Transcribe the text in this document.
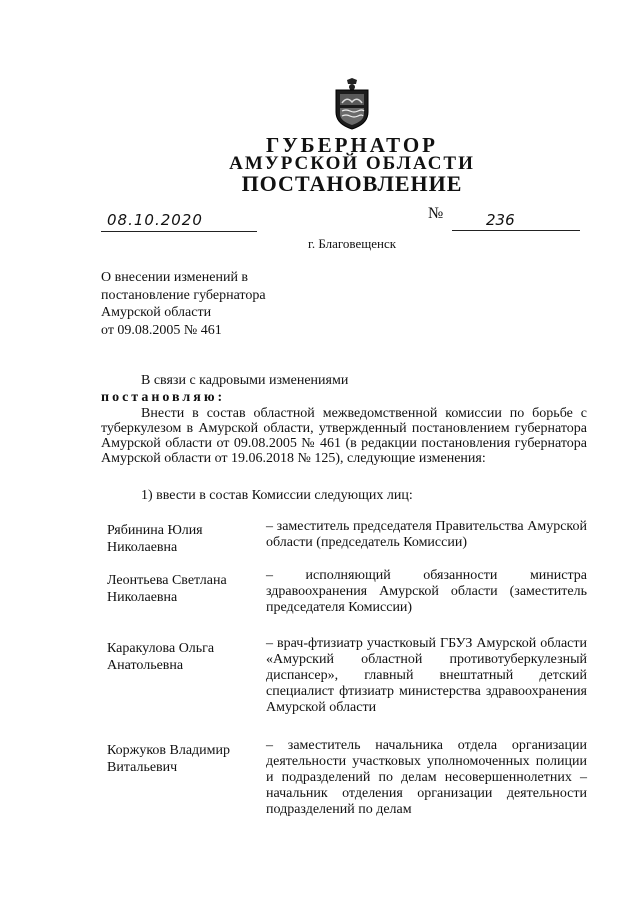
ГУБЕРНАТОР
АМУРСКОЙ ОБЛАСТИ
ПОСТАНОВЛЕНИЕ
08.10.2020	№	236
г. Благовещенск
О внесении изменений в
постановление губернатора
Амурской области
от 09.08.2005 № 461
В связи с кадровыми изменениями
постановляю:
Внести в состав областной межведомственной комиссии по борьбе с туберкулезом в Амурской области, утвержденный постановлением губернатора Амурской области от 09.08.2005 № 461 (в редакции постановления губернатора Амурской области от 19.06.2018 № 125), следующие изменения:
1) ввести в состав Комиссии следующих лиц:
Рябинина Юлия
Николаевна
– заместитель председателя Правительства Амурской области (председатель Комиссии)
Леонтьева Светлана
Николаевна
– исполняющий обязанности министра здравоохранения Амурской области (заместитель председателя Комиссии)
Каракулова Ольга
Анатольевна
– врач-фтизиатр участковый ГБУЗ Амурской области «Амурский областной противотуберкулезный диспансер», главный внештатный детский специалист фтизиатр министерства здравоохранения Амурской области
Коржуков Владимир
Витальевич
– заместитель начальника отдела организации деятельности участковых уполномоченных полиции и подразделений по делам несовершеннолетних – начальник отделения организации деятельности подразделений по делам
